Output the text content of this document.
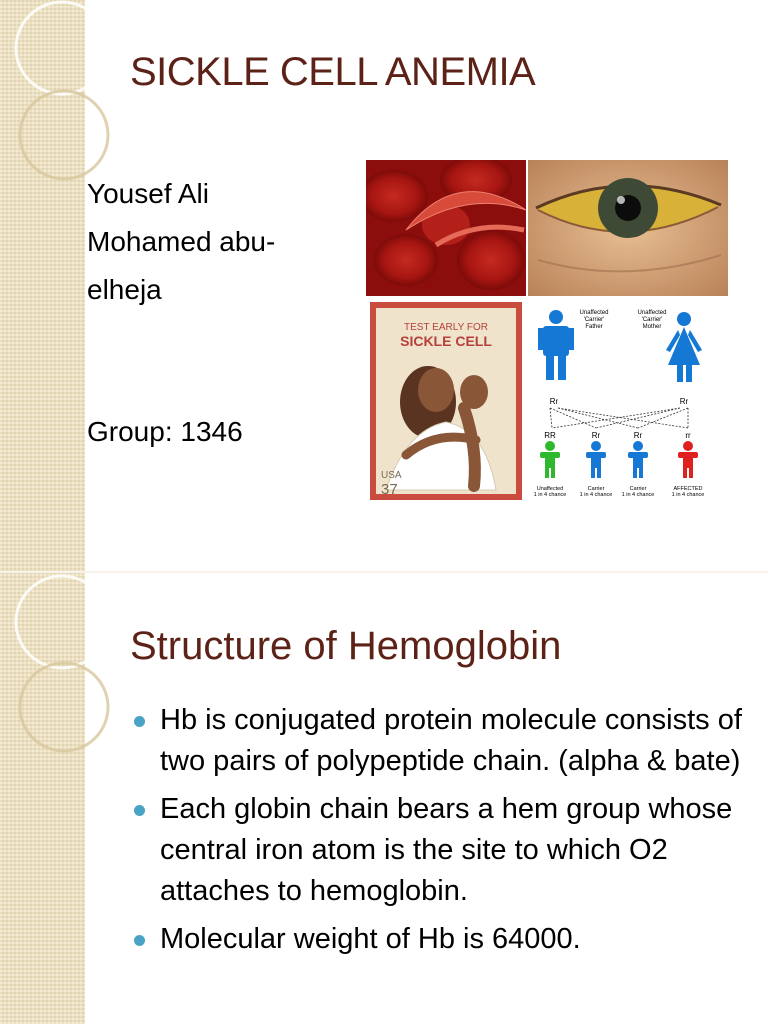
SICKLE CELL ANEMIA

Yousef Ali

Mohamed abu-

elheja

Group: 1346

TEST EARLY FOR
SICKLE CELL
USA
37
Unaffected
'Carrier'
Father
Unaffected
'Carrier'
Mother
Rr	Rr
RR	Rr	Rr	rr
Unaffected
1 in 4 chance
Carrier
1 in 4 chance
Carrier
1 in 4 chance
AFFECTED
1 in 4 chance
Structure of Hemoglobin
Hb is conjugated protein molecule consists of two pairs of polypeptide chain. (alpha & bate)
Each globin chain bears a hem group whose central iron atom is the site to which O2 attaches to hemoglobin.
Molecular weight of Hb is 64000.
